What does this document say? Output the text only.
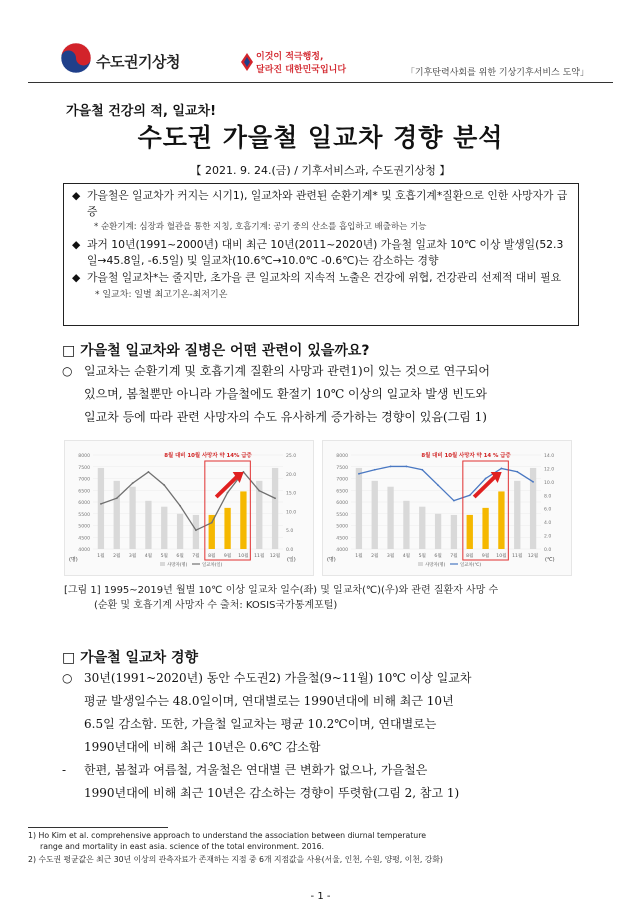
수도권기상청	이것이 적극행정,
달라진 대한민국입니다	「기후탄력사회를 위한 기상기후서비스 도약」
가을철 건강의 적, 일교차!
수도권 가을철 일교차 경향 분석
【 2021. 9. 24.(금) / 기후서비스과, 수도권기상청 】
◆ 가을철은 일교차가 커지는 시기1), 일교차와 관련된 순환기계* 및 호흡기계*질환으로 인한 사망자가 급증
* 순환기계: 심장과 혈관을 통한 지칭, 호흡기계: 공기 중의 산소를 흡입하고 배출하는 기능
◆ 과거 10년(1991~2000년) 대비 최근 10년(2011~2020년) 가을철 일교차 10℃ 이상 발생일(52.3일→45.8일, -6.5일) 및 일교차(10.6℃→10.0℃ -0.6℃)는 감소하는 경향
◆ 가을철 일교차*는 줄지만, 초가을 큰 일교차의 지속적 노출은 건강에 위협, 건강관리 선제적 대비 필요 * 일교차: 일별 최고기온-최저기온
□ 가을철 일교차와 질병은 어떤 관련이 있을까요?
○ 일교차는 순환기계 및 호흡기계 질환의 사망과 관련1)이 있는 것으로 연구되어
있으며, 봄철뿐만 아니라 가을철에도 환절기 10℃ 이상의 일교차 발생 빈도와
일교차 등에 따라 관련 사망자의 수도 유사하게 증가하는 경향이 있음(그림 1)
8000
7500
7000
6500
6000
5500
5000
4500
4000
25.0
20.0
15.0
10.0
5.0
0.0
1월 2월 3월 4월 5월 6월 7월 8월 9월 10월 11월 12월
8월 대비 10월 사망자 약 14% 급증
(명)	(일)
사망자(명)	일교차(일)
8000
7500
7000
6500
6000
5500
5000
4500
4000
14.0
12.0
10.0
8.0
6.0
4.0
2.0
0.0
1월 2월 3월 4월 5월 6월 7월 8월 9월 10월 11월 12월
8월 대비 10월 사망자 약 14 % 급증
(명)	(℃)
사망자(명)	일교차(℃)
[그림 1] 1995~2019년 월별 10℃ 이상 일교차 일수(좌) 및 일교차(℃)(우)와 관련 질환자 사망 수
(순환 및 호흡기계 사망자 수 출처: KOSIS국가통계포털)
□ 가을철 일교차 경향
○ 30년(1991~2020년) 동안 수도권2) 가을철(9~11월) 10℃ 이상 일교차
평균 발생일수는 48.0일이며, 연대별로는 1990년대에 비해 최근 10년
6.5일 감소함. 또한, 가을철 일교차는 평균 10.2℃이며, 연대별로는
1990년대에 비해 최근 10년은 0.6℃ 감소함
-	한편, 봄철과 여름철, 겨울철은 연대별 큰 변화가 없으나, 가을철은
1990년대에 비해 최근 10년은 감소하는 경향이 뚜렷함(그림 2, 참고 1)
1) Ho Kim et al. comprehensive approach to understand the association between diurnal temperature
range and mortality in east asia. science of the total environment. 2016.
2) 수도권 평균값은 최근 30년 이상의 관측자료가 존재하는 지점 중 6개 지점값을 사용(서울, 인천, 수원, 양평, 이천, 강화)
- 1 -
